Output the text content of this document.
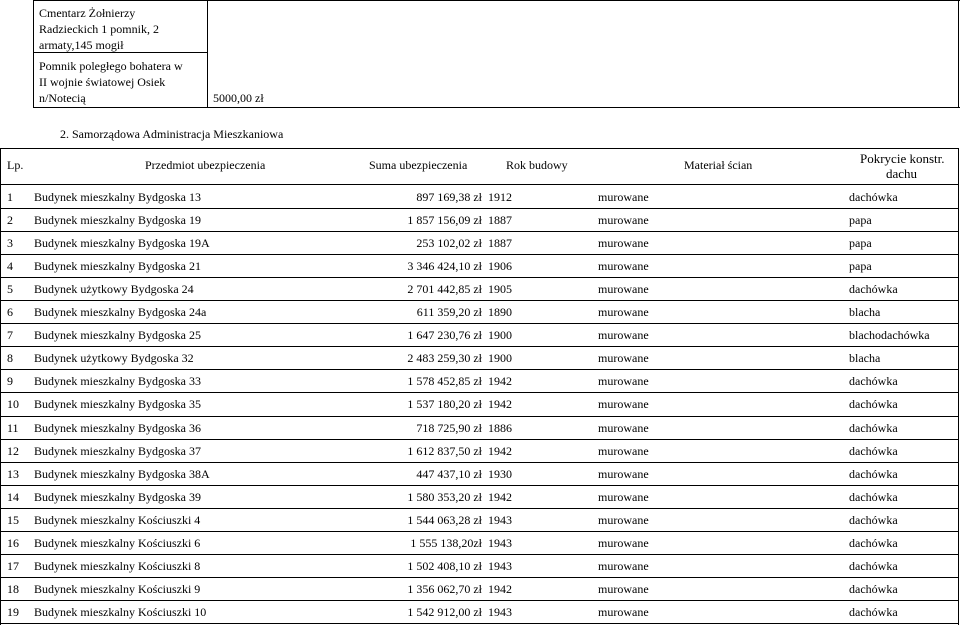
Cmentarz Żołnierzy
Radzieckich 1 pomnik, 2
armaty,145 mogił
Pomnik poległego bohatera w
II wojnie światowej Osiek
n/Notecią	5000,00 zł
2. Samorządowa Administracja Mieszkaniowa
Lp.	Przedmiot ubezpieczenia	Suma ubezpieczenia	Rok budowy	Materiał ścian	Pokrycie konstr.
dachu
1 Budynek mieszkalny Bydgoska 13	897 169,38 zł 1912	murowane	dachówka
2 Budynek mieszkalny Bydgoska 19	1 857 156,09 zł 1887	murowane	papa
3 Budynek mieszkalny Bydgoska 19A	253 102,02 zł 1887	murowane	papa
4 Budynek mieszkalny Bydgoska 21	3 346 424,10 zł 1906	murowane	papa
5 Budynek użytkowy Bydgoska 24	2 701 442,85 zł 1905	murowane	dachówka
6 Budynek mieszkalny Bydgoska 24a	611 359,20 zł 1890	murowane	blacha
7 Budynek mieszkalny Bydgoska 25	1 647 230,76 zł 1900	murowane	blachodachówka
8 Budynek użytkowy Bydgoska 32	2 483 259,30 zł 1900	murowane	blacha
9 Budynek mieszkalny Bydgoska 33	1 578 452,85 zł 1942	murowane	dachówka
10 Budynek mieszkalny Bydgoska 35	1 537 180,20 zł 1942	murowane	dachówka
11 Budynek mieszkalny Bydgoska 36	718 725,90 zł 1886	murowane	dachówka
12 Budynek mieszkalny Bydgoska 37	1 612 837,50 zł 1942	murowane	dachówka
13 Budynek mieszkalny Bydgoska 38A	447 437,10 zł 1930	murowane	dachówka
14 Budynek mieszkalny Bydgoska 39	1 580 353,20 zł 1942	murowane	dachówka
15 Budynek mieszkalny Kościuszki 4	1 544 063,28 zł 1943	murowane	dachówka
16 Budynek mieszkalny Kościuszki 6	1 555 138,20zł 1943	murowane	dachówka
17 Budynek mieszkalny Kościuszki 8	1 502 408,10 zł 1943	murowane	dachówka
18 Budynek mieszkalny Kościuszki 9	1 356 062,70 zł 1942	murowane	dachówka
19 Budynek mieszkalny Kościuszki 10	1 542 912,00 zł 1943	murowane	dachówka
